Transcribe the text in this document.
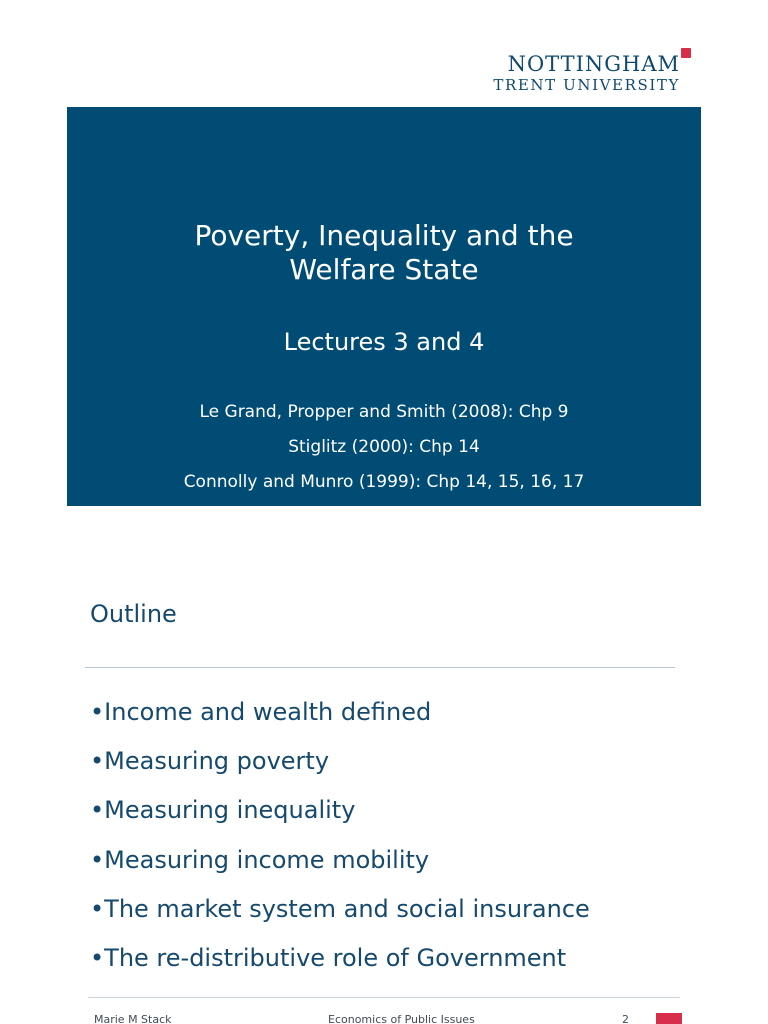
NOTTINGHAM
TRENT UNIVERSITY
Poverty, Inequality and the
Welfare State
Lectures 3 and 4
Le Grand, Propper and Smith (2008): Chp 9
Stiglitz (2000): Chp 14
Connolly and Munro (1999): Chp 14, 15, 16, 17
Outline
• Income and wealth defined
• Measuring poverty
• Measuring inequality
• Measuring income mobility
• The market system and social insurance
• The re-distributive role of Government
Marie M Stack	Economics of Public Issues	2
